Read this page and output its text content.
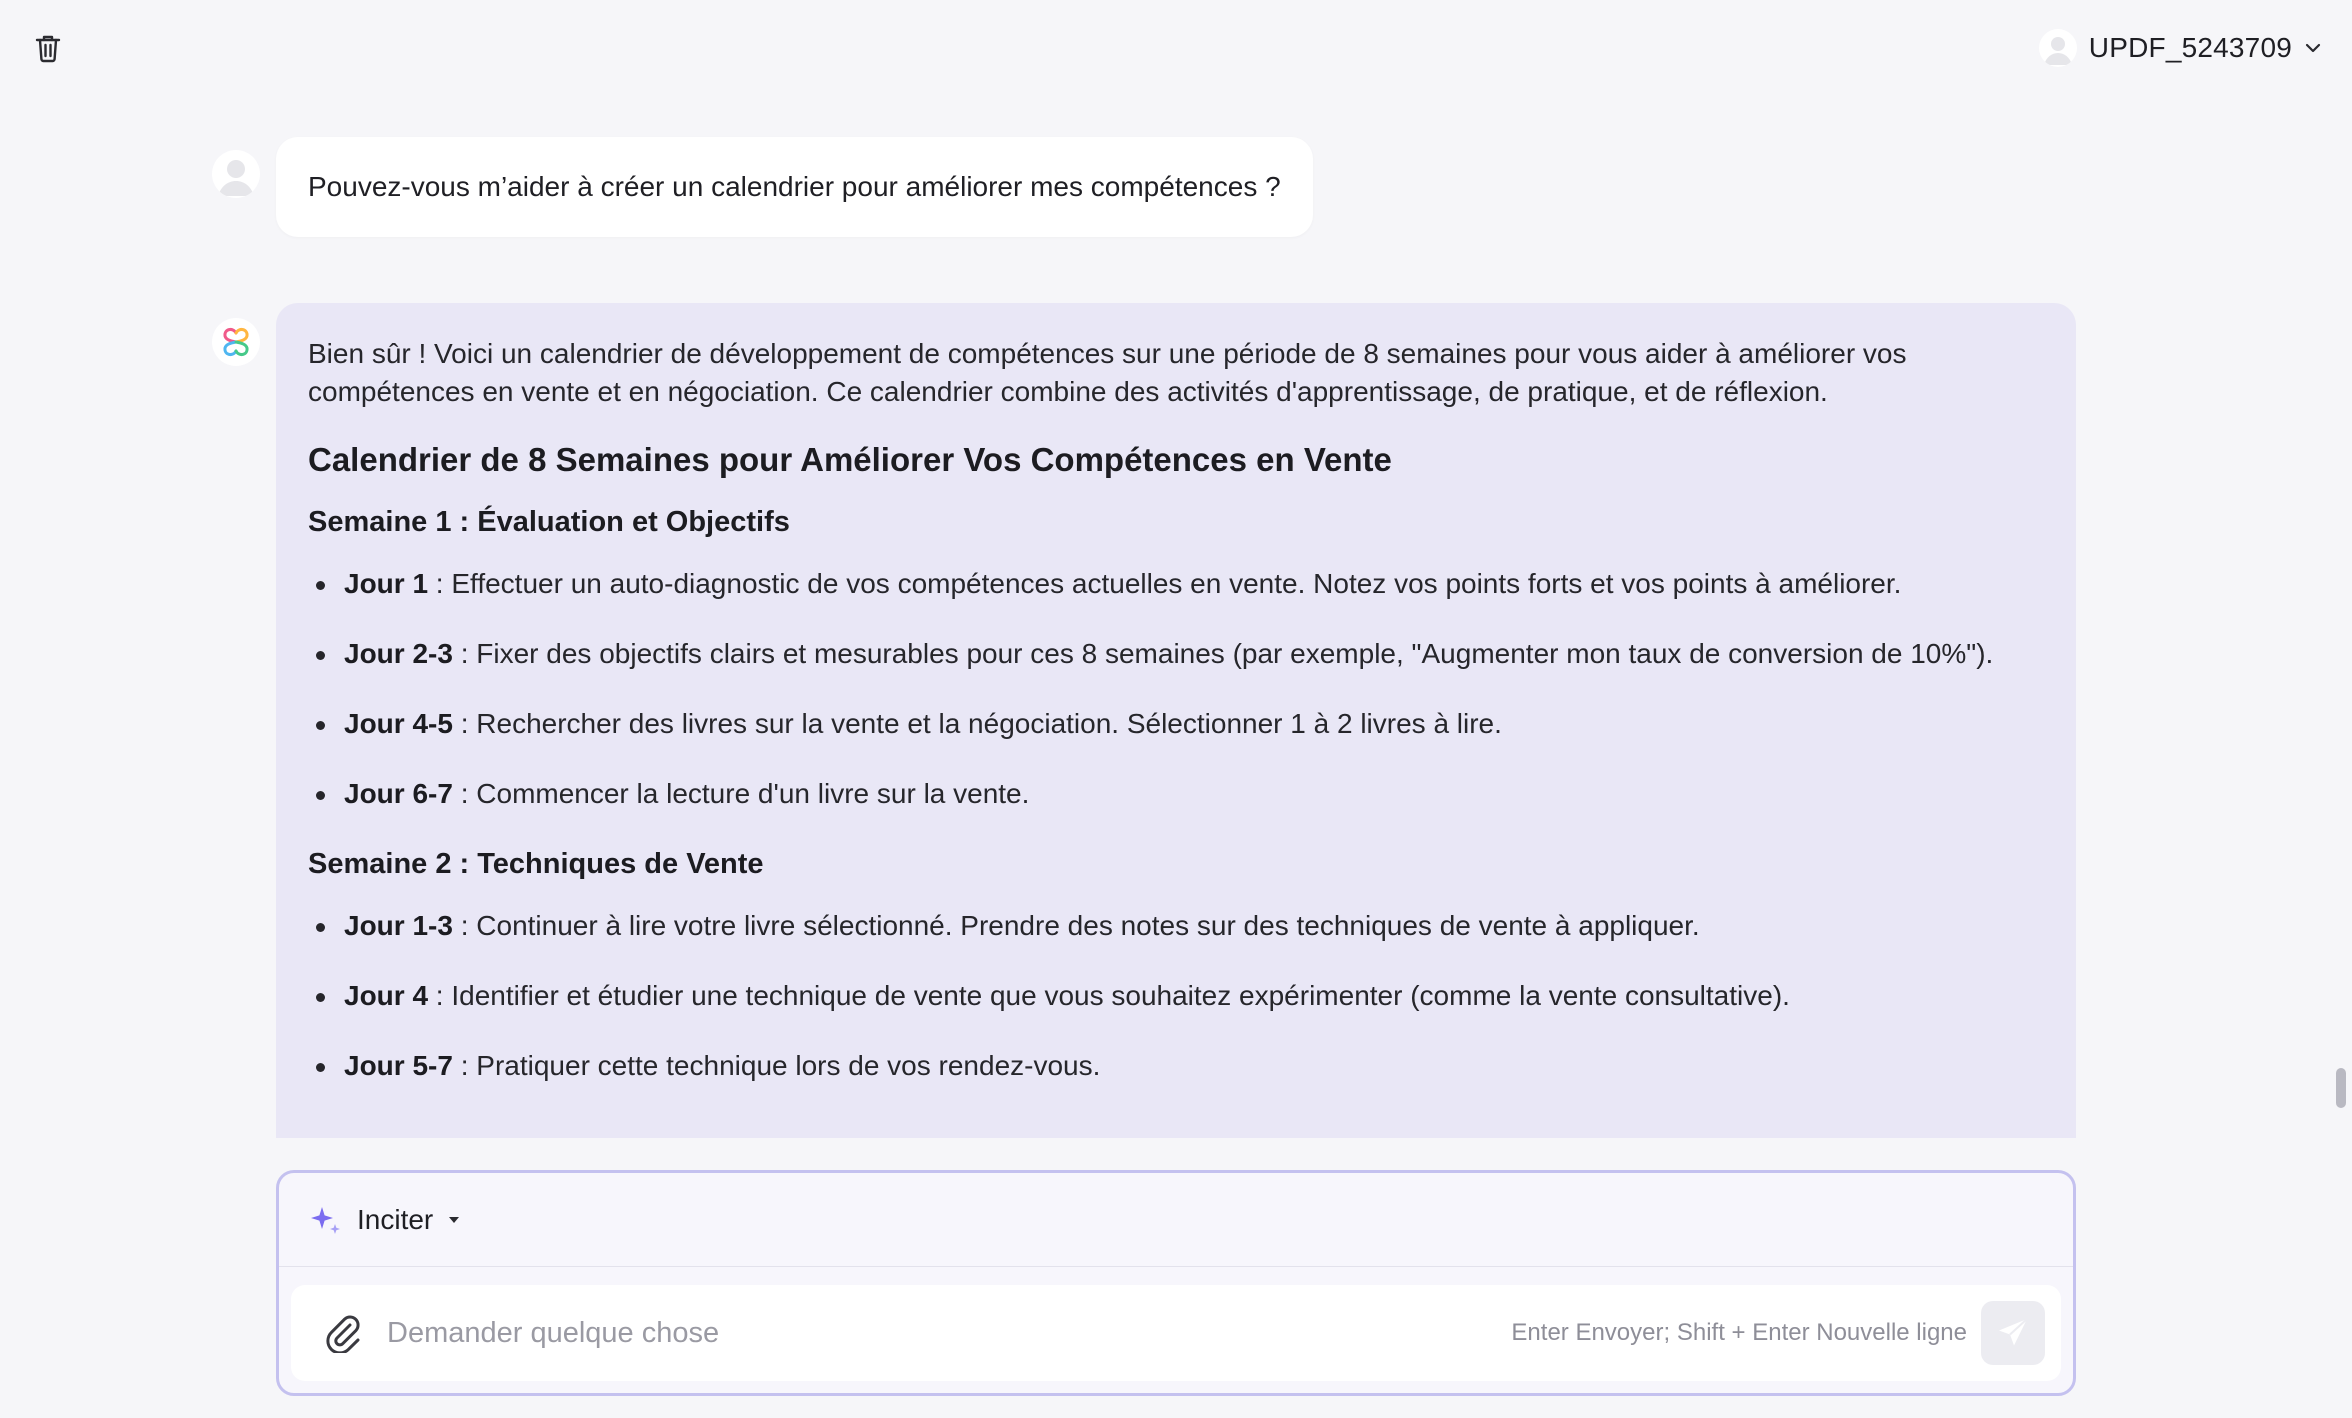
UPDF_5243709
Pouvez-vous m’aider à créer un calendrier pour améliorer mes compétences ?

Bien sûr ! Voici un calendrier de développement de compétences sur une période de 8 semaines pour vous aider à améliorer vos compétences en vente et en négociation. Ce calendrier combine des activités d'apprentissage, de pratique, et de réflexion.

Calendrier de 8 Semaines pour Améliorer Vos Compétences en Vente
Semaine 1 : Évaluation et Objectifs
Jour 1 : Effectuer un auto-diagnostic de vos compétences actuelles en vente. Notez vos points forts et vos points à améliorer.
Jour 2-3 : Fixer des objectifs clairs et mesurables pour ces 8 semaines (par exemple, "Augmenter mon taux de conversion de 10%").
Jour 4-5 : Rechercher des livres sur la vente et la négociation. Sélectionner 1 à 2 livres à lire.
Jour 6-7 : Commencer la lecture d'un livre sur la vente.
Semaine 2 : Techniques de Vente
Jour 1-3 : Continuer à lire votre livre sélectionné. Prendre des notes sur des techniques de vente à appliquer.
Jour 4 : Identifier et étudier une technique de vente que vous souhaitez expérimenter (comme la vente consultative).
Jour 5-7 : Pratiquer cette technique lors de vos rendez-vous.
Inciter
Demander quelque chose
Enter Envoyer; Shift + Enter Nouvelle ligne
